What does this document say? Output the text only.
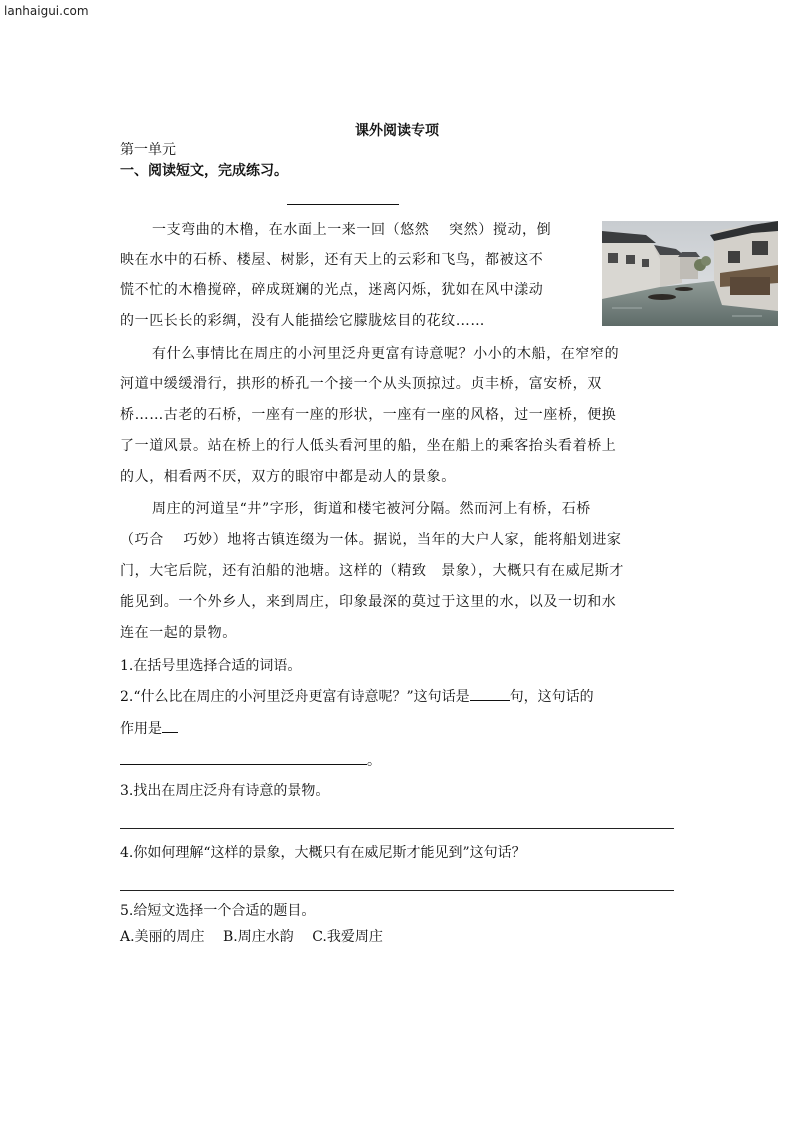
lanhaigui.com
课外阅读专项
第一单元
一、阅读短文，完成练习。
一支弯曲的木橹，在水面上一来一回（悠然　 突然）搅动，倒
映在水中的石桥、楼屋、树影，还有天上的云彩和飞鸟，都被这不
慌不忙的木橹搅碎，碎成斑斓的光点，迷离闪烁，犹如在风中漾动
的一匹长长的彩绸，没有人能描绘它朦胧炫目的花纹……
有什么事情比在周庄的小河里泛舟更富有诗意呢？小小的木船，在窄窄的
河道中缓缓滑行，拱形的桥孔一个接一个从头顶掠过。贞丰桥，富安桥，双
桥……古老的石桥，一座有一座的形状，一座有一座的风格，过一座桥，便换
了一道风景。站在桥上的行人低头看河里的船，坐在船上的乘客抬头看着桥上
的人，相看两不厌，双方的眼帘中都是动人的景象。
周庄的河道呈“井”字形，街道和楼宅被河分隔。然而河上有桥，石桥
（巧合　 巧妙）地将古镇连缀为一体。据说，当年的大户人家，能将船划进家
门，大宅后院，还有泊船的池塘。这样的（精致　景象），大概只有在威尼斯才
能见到。一个外乡人，来到周庄，印象最深的莫过于这里的水，以及一切和水
连在一起的景物。
1.在括号里选择合适的词语。
2.“什么比在周庄的小河里泛舟更富有诗意呢？”这句话是	句，这句话的
作用是
。
3.找出在周庄泛舟有诗意的景物。
4.你如何理解“这样的景象，大概只有在威尼斯才能见到”这句话？
5.给短文选择一个合适的题目。
A.美丽的周庄　 B.周庄水韵　 C.我爱周庄
